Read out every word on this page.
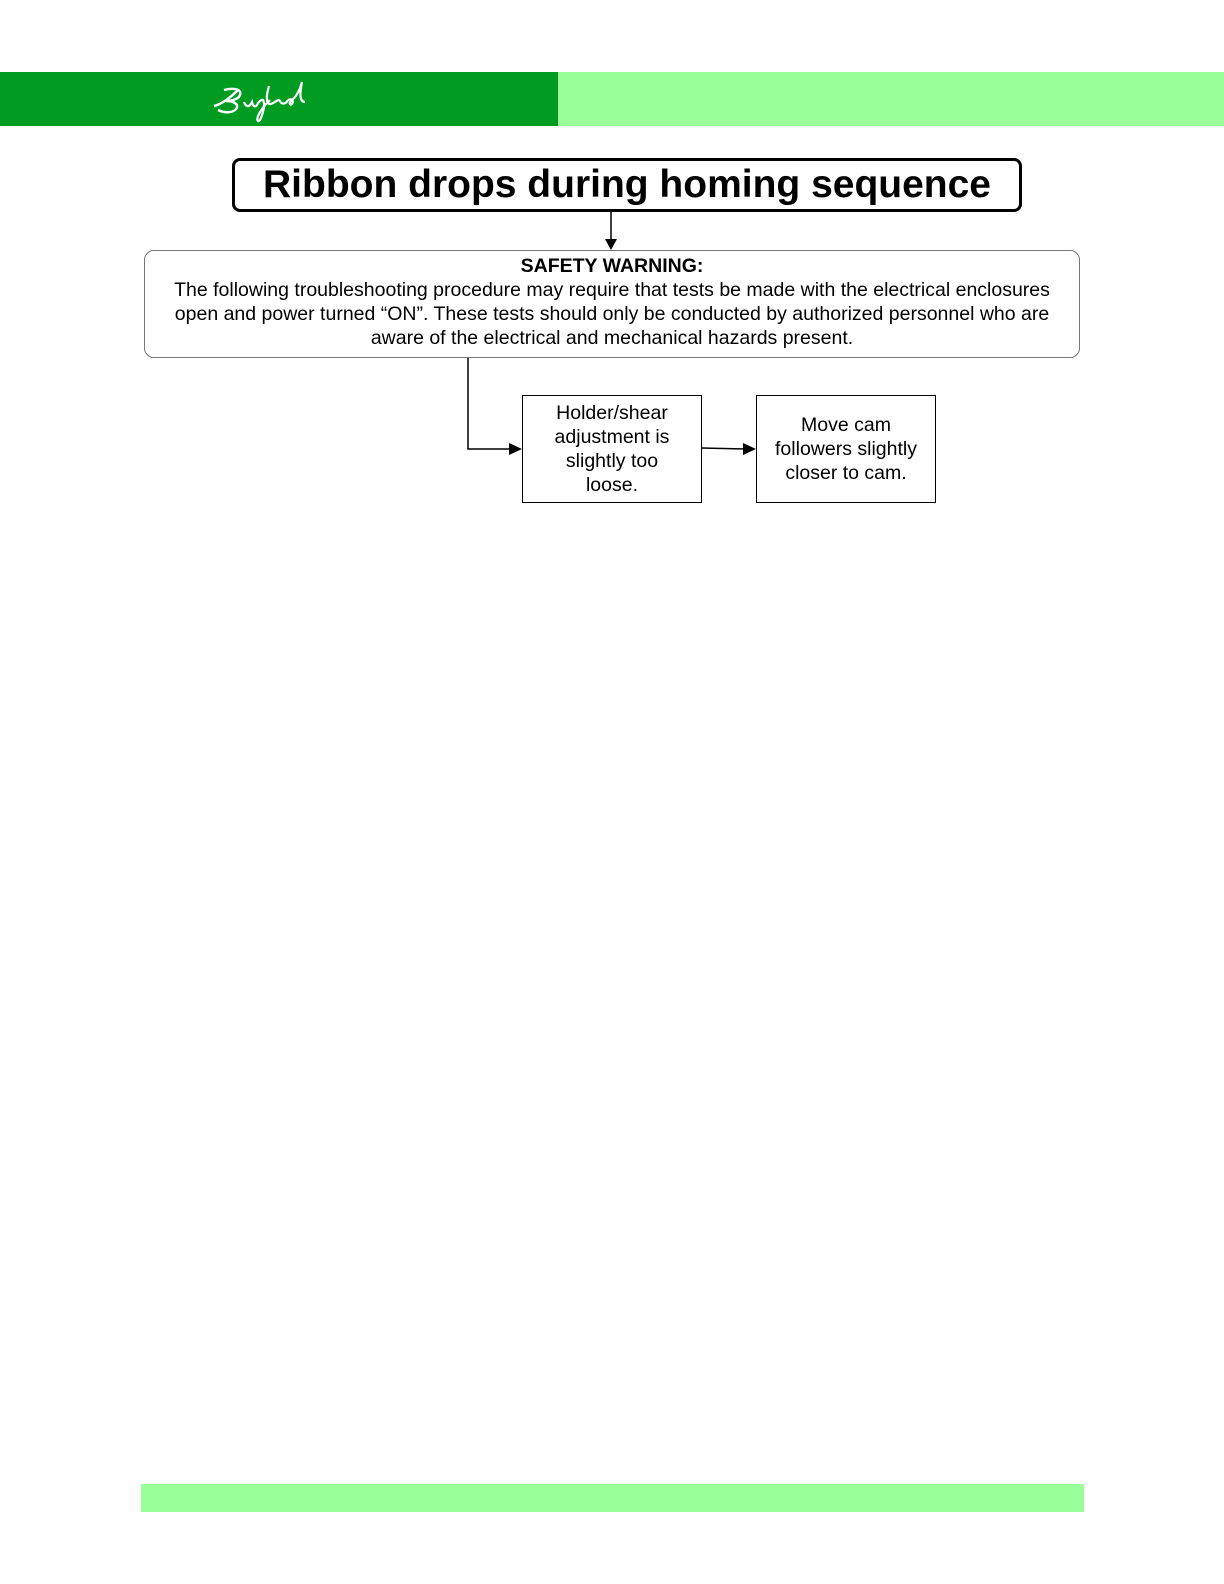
Ribbon drops during homing sequence
SAFETY WARNING:
The following troubleshooting procedure may require that tests be made with the electrical enclosures
open and power turned “ON”. These tests should only be conducted by authorized personnel who are
aware of the electrical and mechanical hazards present.
Holder/shear
adjustment is
slightly too
loose.
Move cam
followers slightly
closer to cam.
